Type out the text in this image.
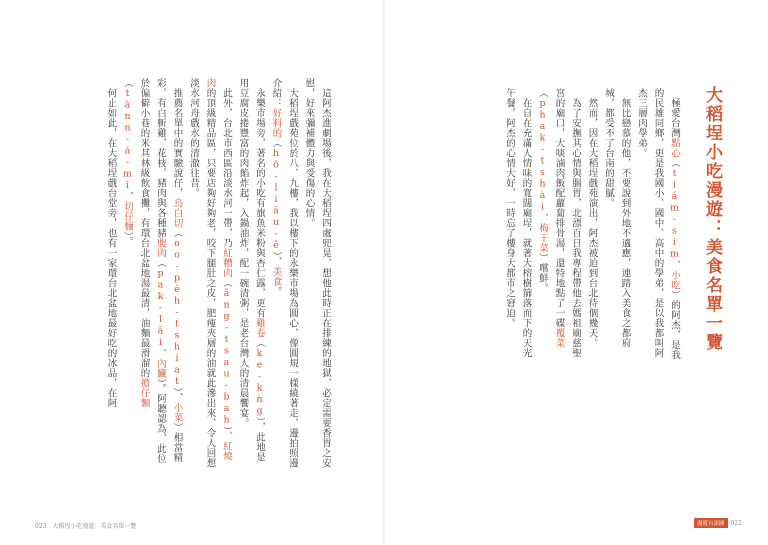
這阿杰進劇場後，我在大稻埕四處兜晃，想他此時正在排練的地獄，必定需要香胃之安慰，好來彌補體力與受傷的心情。
大稻埕戲苑位於八、九樓，我以樓下的永樂市場為圓心，像圓規一樣繞著走，邊拍照邊介紹：好料的（hó-liāu-ê）、美食。
永樂市場旁，著名的小吃有旗魚米粉與杏仁露，更有雞卷（ke-kǹg），此地是用豆腐皮捲豐富的肉餡炸起，入鍋油炸，配一碗清粥，是老台灣人的清晨饗宴。
此外，台北市西區沿淡水河一帶，乃紅糟肉（âng-tsau-bah）、紅燒肉的頂級精品區，只要店夠好夠老，咬下腿肚之皮，肥瘦夾層的油就此滲出來，令人回想淡水河舟戲水的清澈往昔。
推薦名單中的實驗說仔，烏白切（oo-pe̍h-tshiat）、小菜）相當精彩，有白斬雞，花枝，豬肉與各種豬腹肉（pak-lāi、內臟）。阿聽認為，此位於偏僻小巷的米其林級飲食攤，有環台北盆地湯最清，油麵最滑溜的擔仔麵（tànn-á-mī，切仔麵）。
何止如此，在大稻埕戲台堂旁，也有一家環台北盆地最好吃的冰品，在阿
023 大稻埕小吃漫遊：美食名單一覽
大稻埕小吃漫遊：美食名單一覽
極愛台灣點心（tiám-sim、小吃）的阿杰，是我的民雄同鄉，更是我國小、國中、高中的學弟，是以我都叫阿杰三層肉學弟。
無比戀慕的他，不要說到外地不適應，連踏入美食之都府城，都受不了台南的甜膩。
然而，因在大稻埕戲苑演出，阿杰被迫到台北待個幾天。
為了安撫其心情與腸胃，北漂百日我專程帶他去媽祖廟慈聖宮的廟口，大啖滷肉飯配蘿蔔排骨湯，還特地點了一碟覆菜（phak-tshài、梅干菜）嚐鮮。
在自在充滿人情味的寬闊廟埕，就著大榕樹篩落而下的天光午餐，阿杰的心情大好，一時忘了樓身大都市之窘迫。
漫遊台語圖	022
